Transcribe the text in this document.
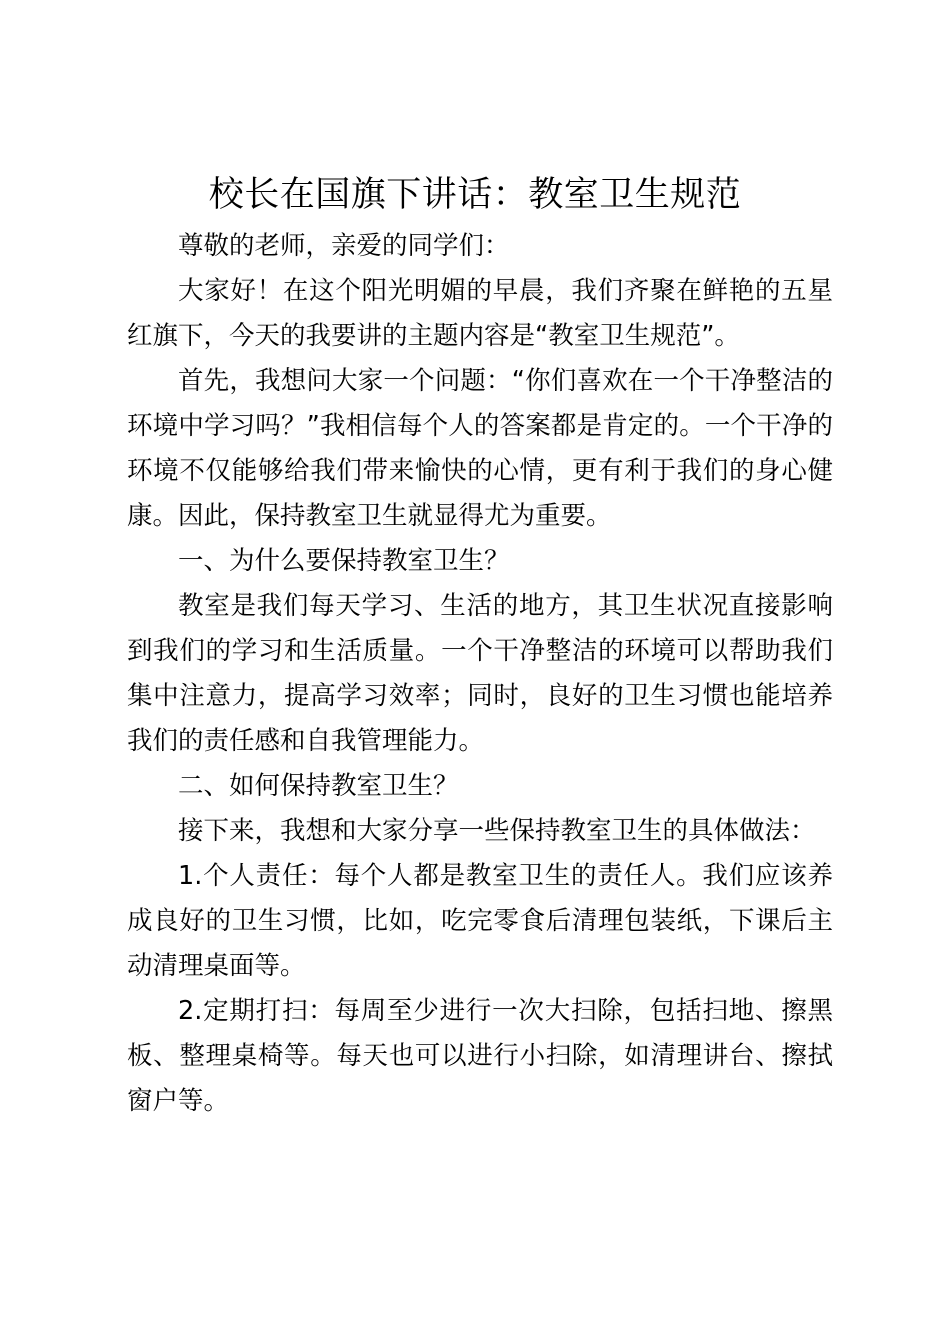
校长在国旗下讲话：教室卫生规范

尊敬的老师，亲爱的同学们：

大家好！在这个阳光明媚的早晨，我们齐聚在鲜艳的五星红旗下，今天的我要讲的主题内容是“教室卫生规范”。

首先，我想问大家一个问题：“你们喜欢在一个干净整洁的环境中学习吗？”我相信每个人的答案都是肯定的。一个干净的环境不仅能够给我们带来愉快的心情，更有利于我们的身心健康。因此，保持教室卫生就显得尤为重要。

一、为什么要保持教室卫生？

教室是我们每天学习、生活的地方，其卫生状况直接影响到我们的学习和生活质量。一个干净整洁的环境可以帮助我们集中注意力，提高学习效率；同时，良好的卫生习惯也能培养我们的责任感和自我管理能力。

二、如何保持教室卫生？

接下来，我想和大家分享一些保持教室卫生的具体做法：

1.个人责任：每个人都是教室卫生的责任人。我们应该养成良好的卫生习惯，比如，吃完零食后清理包装纸，下课后主动清理桌面等。

2.定期打扫：每周至少进行一次大扫除，包括扫地、擦黑板、整理桌椅等。每天也可以进行小扫除，如清理讲台、擦拭窗户等。
